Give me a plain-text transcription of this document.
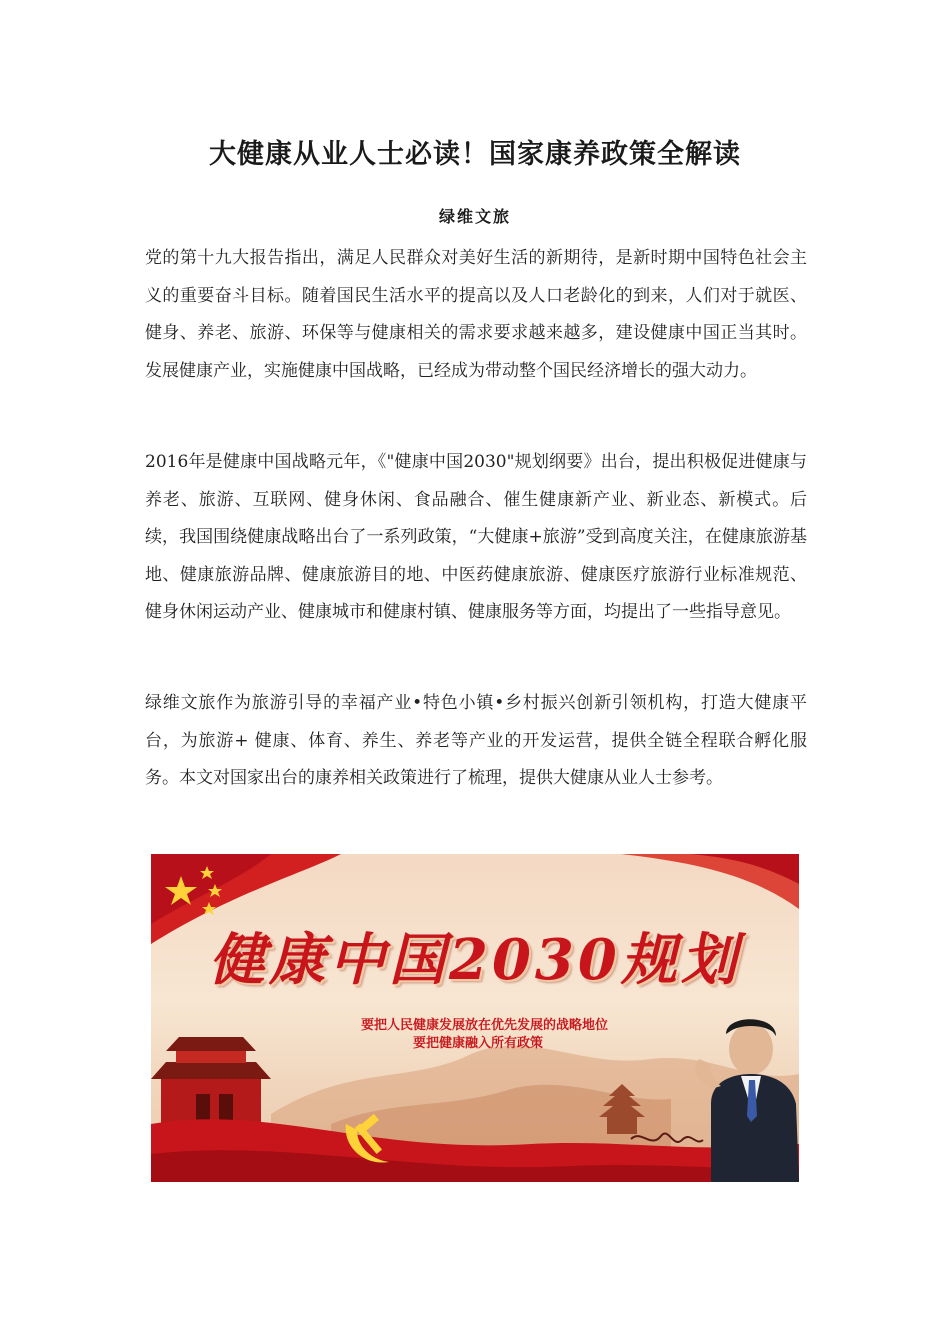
大健康从业人士必读！国家康养政策全解读
绿维文旅

党的第十九大报告指出，满足人民群众对美好生活的新期待，是新时期中国特色社会主义的重要奋斗目标。随着国民生活水平的提高以及人口老龄化的到来，人们对于就医、健身、养老、旅游、环保等与健康相关的需求要求越来越多，建设健康中国正当其时。发展健康产业，实施健康中国战略，已经成为带动整个国民经济增长的强大动力。

2016年是健康中国战略元年，《"健康中国2030"规划纲要》出台，提出积极促进健康与养老、旅游、互联网、健身休闲、食品融合、催生健康新产业、新业态、新模式。后续，我国围绕健康战略出台了一系列政策，“大健康+旅游”受到高度关注，在健康旅游基地、健康旅游品牌、健康旅游目的地、中医药健康旅游、健康医疗旅游行业标准规范、健身休闲运动产业、健康城市和健康村镇、健康服务等方面，均提出了一些指导意见。

绿维文旅作为旅游引导的幸福产业•特色小镇•乡村振兴创新引领机构，打造大健康平台，为旅游+ 健康、体育、养生、养老等产业的开发运营，提供全链全程联合孵化服务。本文对国家出台的康养相关政策进行了梳理，提供大健康从业人士参考。

健康中国2030规划
要把人民健康发展放在优先发展的战略地位
要把健康融入所有政策
